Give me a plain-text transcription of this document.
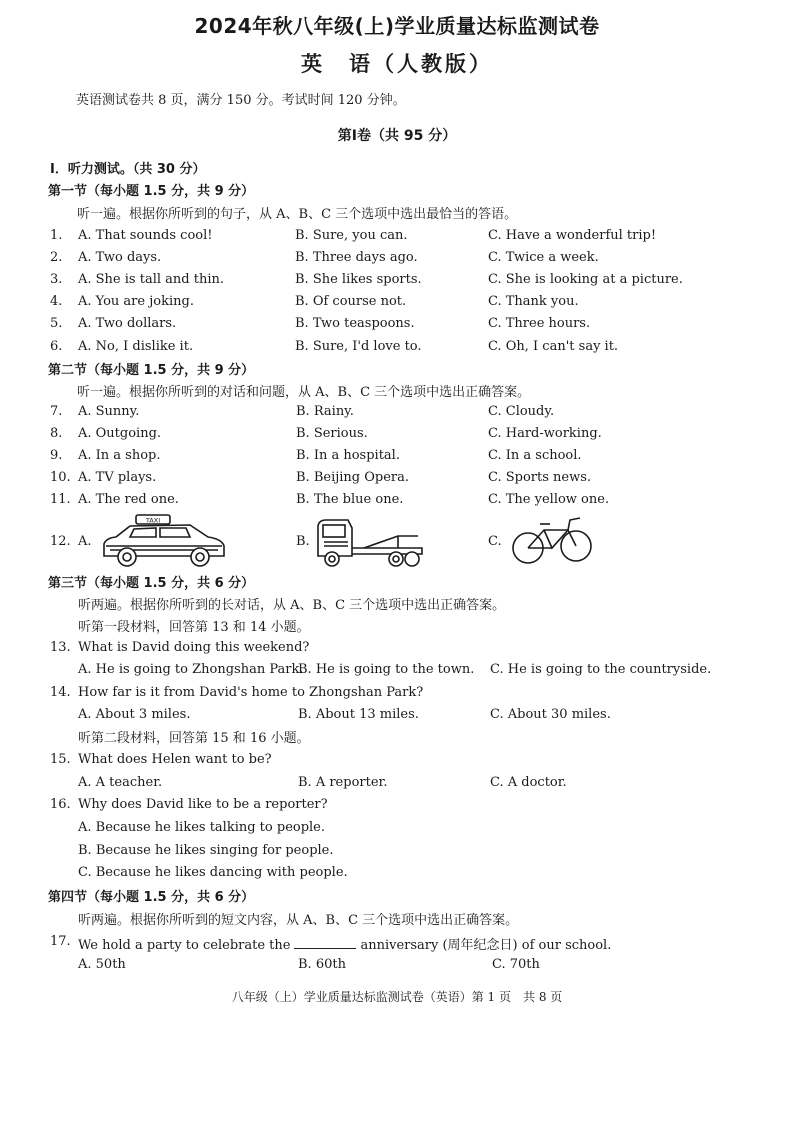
2024年秋八年级(上)学业质量达标监测试卷
英　语（人教版）
英语测试卷共 8 页，满分 150 分。考试时间 120 分钟。
第Ⅰ卷（共 95 分）
Ⅰ．听力测试。（共 30 分）
第一节（每小题 1.5 分，共 9 分）
听一遍。根据你所听到的句子，从 A、B、C 三个选项中选出最恰当的答语。
1. A. That sounds cool!	B. Sure, you can.	C. Have a wonderful trip!
2. A. Two days.	B. Three days ago.	C. Twice a week.
3. A. She is tall and thin.	B. She likes sports.	C. She is looking at a picture.
4. A. You are joking.	B. Of course not.	C. Thank you.
5. A. Two dollars.	B. Two teaspoons.	C. Three hours.
6. A. No, I dislike it.	B. Sure, I'd love to.	C. Oh, I can't say it.
第二节（每小题 1.5 分，共 9 分）
听一遍。根据你所听到的对话和问题，从 A、B、C 三个选项中选出正确答案。
7. A. Sunny.	B. Rainy.	C. Cloudy.
8. A. Outgoing.	B. Serious.	C. Hard-working.
9. A. In a shop.	B. In a hospital.	C. In a school.
10. A. TV plays.	B. Beijing Opera.	C. Sports news.
11. A. The red one.	B. The blue one.	C. The yellow one.
12. A.
TAXI
B.	C.
第三节（每小题 1.5 分，共 6 分）
听两遍。根据你所听到的长对话，从 A、B、C 三个选项中选出正确答案。
听第一段材料，回答第 13 和 14 小题。
13. What is David doing this weekend?
A. He is going to Zhongshan Park.
B. He is going to the town. C. He is going to the countryside.
14. How far is it from David's home to Zhongshan Park?
A. About 3 miles.	B. About 13 miles.	C. About 30 miles.
听第二段材料，回答第 15 和 16 小题。
15. What does Helen want to be?
A. A teacher.	B. A reporter.	C. A doctor.
16. Why does David like to be a reporter?
A. Because he likes talking to people.
B. Because he likes singing for people.
C. Because he likes dancing with people.
第四节（每小题 1.5 分，共 6 分）
听两遍。根据你所听到的短文内容，从 A、B、C 三个选项中选出正确答案。
17. We hold a party to celebrate the	anniversary (周年纪念日) of our school.
A. 50th	B. 60th	C. 70th
八年级（上）学业质量达标监测试卷（英语）第 1 页　共 8 页
